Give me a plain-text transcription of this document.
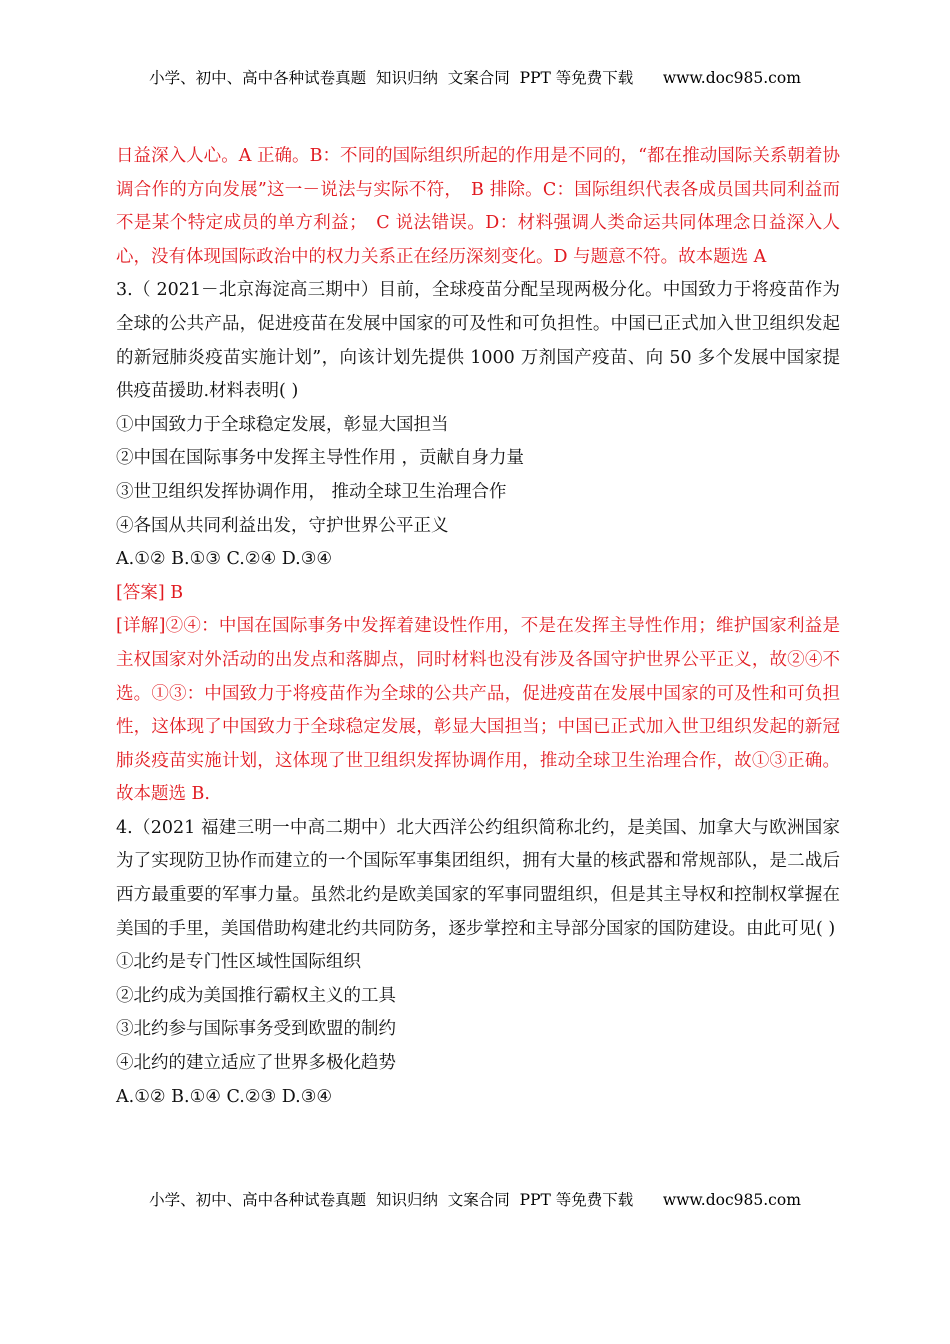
小学、初中、高中各种试卷真题  知识归纳  文案合同  PPT 等免费下载      www.doc985.com

日益深入人心。A 正确。B：不同的国际组织所起的作用是不同的，“都在推动国际关系朝着协调合作的方向发展”这一－说法与实际不符，　B 排除。C：国际组织代表各成员国共同利益而不是某个特定成员的单方利益；　C 说法错误。D：材料强调人类命运共同体理念日益深入人心，没有体现国际政治中的权力关系正在经历深刻变化。D 与题意不符。故本题选 A

3.（ 2021－北京海淀高三期中）目前，全球疫苗分配呈现两极分化。中国致力于将疫苗作为全球的公共产品，促进疫苗在发展中国家的可及性和可负担性。中国已正式加入世卫组织发起的新冠肺炎疫苗实施计划”，向该计划先提供 1000 万剂国产疫苗、向 50 多个发展中国家提供疫苗援助.材料表明( )

①中国致力于全球稳定发展，彰显大国担当

②中国在国际事务中发挥主导性作用 ，贡献自身力量

③世卫组织发挥协调作用， 推动全球卫生治理合作

④各国从共同利益出发，守护世界公平正义

A.①② B.①③ C.②④ D.③④

[答案] B

[详解]②④：中国在国际事务中发挥着建设性作用，不是在发挥主导性作用；维护国家利益是主权国家对外活动的出发点和落脚点，同时材料也没有涉及各国守护世界公平正义，故②④不选。①③：中国致力于将疫苗作为全球的公共产品，促进疫苗在发展中国家的可及性和可负担性，这体现了中国致力于全球稳定发展，彰显大国担当；中国已正式加入世卫组织发起的新冠肺炎疫苗实施计划，这体现了世卫组织发挥协调作用，推动全球卫生治理合作，故①③正确。故本题选 B.

4.（2021 福建三明一中高二期中）北大西洋公约组织简称北约，是美国、加拿大与欧洲国家为了实现防卫协作而建立的一个国际军事集团组织，拥有大量的核武器和常规部队，是二战后西方最重要的军事力量。虽然北约是欧美国家的军事同盟组织，但是其主导权和控制权掌握在美国的手里，美国借助构建北约共同防务，逐步掌控和主导部分国家的国防建设。由此可见( )

①北约是专门性区域性国际组织

②北约成为美国推行霸权主义的工具

③北约参与国际事务受到欧盟的制约

④北约的建立适应了世界多极化趋势

A.①② B.①④ C.②③ D.③④

小学、初中、高中各种试卷真题  知识归纳  文案合同  PPT 等免费下载      www.doc985.com
